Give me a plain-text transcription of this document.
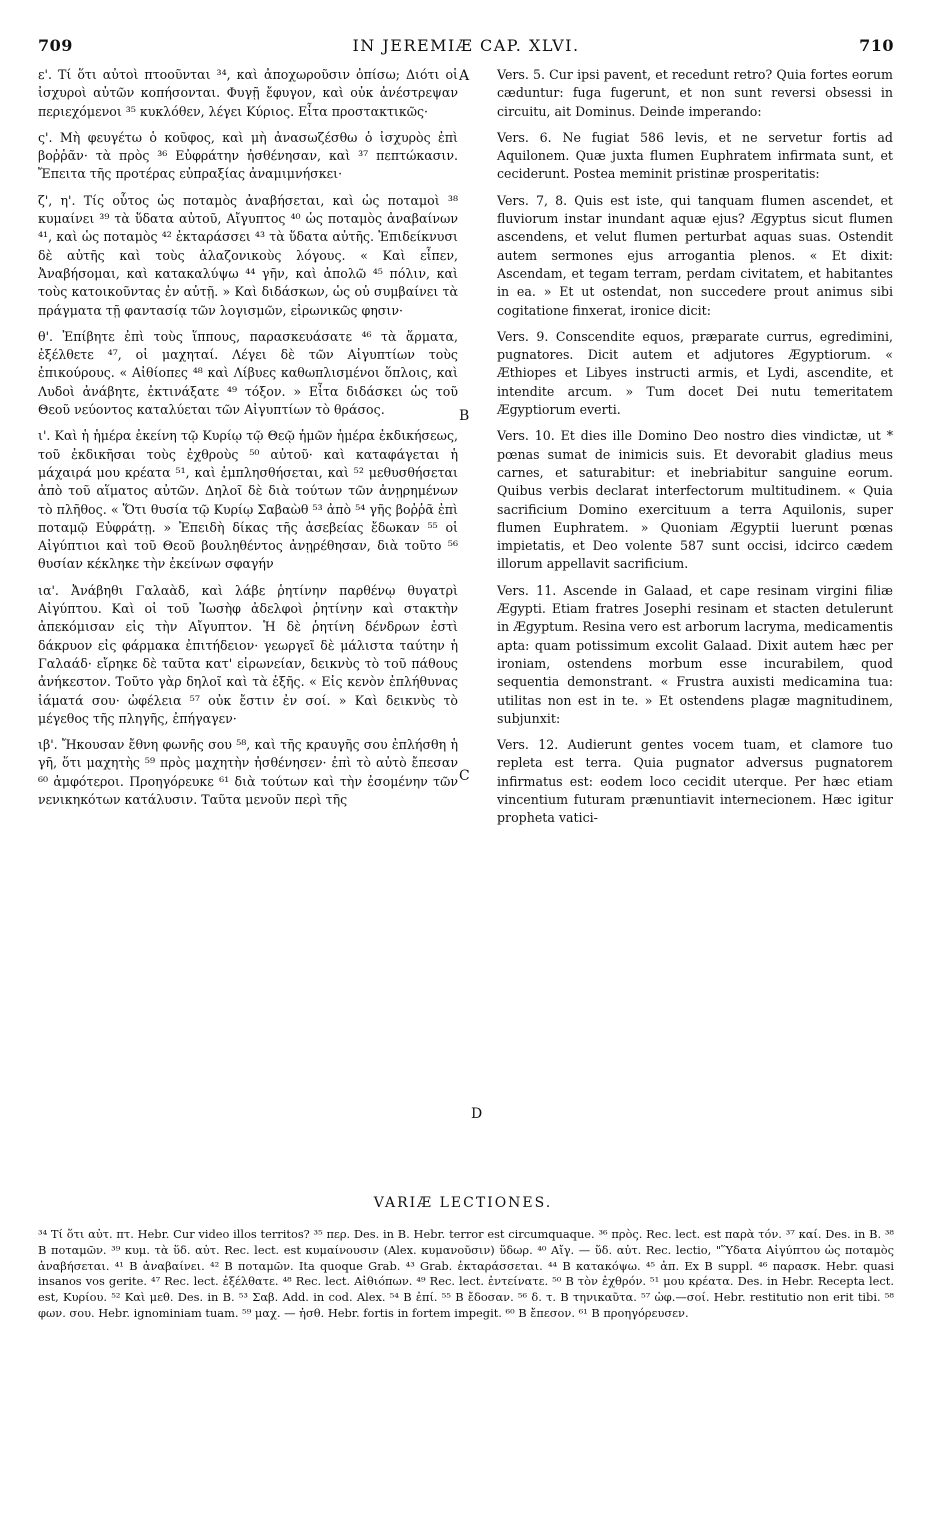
709	IN JEREMIÆ CAP. XLVI.	710

ε'. Τί ὅτι αὐτοὶ πτοοῦνται ³⁴, καὶ ἀποχωροῦσιν ὀπίσω; Διότι οἱ ἰσχυροὶ αὐτῶν κοπήσονται. Φυγῇ ἔφυγον, καὶ οὐκ ἀνέστρεψαν περιεχόμενοι ³⁵ κυκλόθεν, λέγει Κύριος. Εἶτα προστακτικῶς·

ς'. Μὴ φευγέτω ὁ κοῦφος, καὶ μὴ ἀνασωζέσθω ὁ ἰσχυρὸς ἐπὶ βοῤῥᾶν· τὰ πρὸς ³⁶ Εὐφράτην ἠσθένησαν, καὶ ³⁷ πεπτώκασιν. Ἔπειτα τῆς προτέρας εὐπραξίας ἀναμιμνήσκει·

ζ', η'. Τίς οὗτος ὡς ποταμὸς ἀναβήσεται, καὶ ὡς ποταμοὶ ³⁸ κυμαίνει ³⁹ τὰ ὕδατα αὐτοῦ, Αἴγυπτος ⁴⁰ ὡς ποταμὸς ἀναβαίνων ⁴¹, καὶ ὡς ποταμὸς ⁴² ἐκταράσσει ⁴³ τὰ ὕδατα αὐτῆς. Ἐπιδείκνυσι δὲ αὐτῆς καὶ τοὺς ἀλαζονικοὺς λόγους. « Καὶ εἶπεν, Ἀναβήσομαι, καὶ κατακαλύψω ⁴⁴ γῆν, καὶ ἀπολῶ ⁴⁵ πόλιν, καὶ τοὺς κατοικοῦντας ἐν αὐτῇ. » Καὶ διδάσκων, ὡς οὐ συμβαίνει τὰ πράγματα τῇ φαντασίᾳ τῶν λογισμῶν, εἰρωνικῶς φησιν·

θ'. Ἐπίβητε ἐπὶ τοὺς ἵππους, παρασκευάσατε ⁴⁶ τὰ ἅρματα, ἐξέλθετε ⁴⁷, οἱ μαχηταί. Λέγει δὲ τῶν Αἰγυπτίων τοὺς ἐπικούρους. « Αἰθίοπες ⁴⁸ καὶ Λίβυες καθωπλισμένοι ὅπλοις, καὶ Λυδοὶ ἀνάβητε, ἐκτινάξατε ⁴⁹ τόξον. » Εἶτα διδάσκει ὡς τοῦ Θεοῦ νεύοντος καταλύεται τῶν Αἰγυπτίων τὸ θράσος.

ι'. Καὶ ἡ ἡμέρα ἐκείνη τῷ Κυρίῳ τῷ Θεῷ ἡμῶν ἡμέρα ἐκδικήσεως, τοῦ ἐκδικῆσαι τοὺς ἐχθροὺς ⁵⁰ αὐτοῦ· καὶ καταφάγεται ἡ μάχαιρά μου κρέατα ⁵¹, καὶ ἐμπλησθήσεται, καὶ ⁵² μεθυσθήσεται ἀπὸ τοῦ αἵματος αὐτῶν. Δηλοῖ δὲ διὰ τούτων τῶν ἀνῃρημένων τὸ πλῆθος. « Ὅτι θυσία τῷ Κυρίῳ Σαβαὼθ ⁵³ ἀπὸ ⁵⁴ γῆς βοῤῥᾶ ἐπὶ ποταμῷ Εὐφράτῃ. » Ἐπειδὴ δίκας τῆς ἀσεβείας ἔδωκαν ⁵⁵ οἱ Αἰγύπτιοι καὶ τοῦ Θεοῦ βουληθέντος ἀνῃρέθησαν, διὰ τοῦτο ⁵⁶ θυσίαν κέκληκε τὴν ἐκείνων σφαγήν

ια'. Ἀνάβηθι Γαλαὰδ, καὶ λάβε ῥητίνην παρθένῳ θυγατρὶ Αἰγύπτου. Καὶ οἱ τοῦ Ἰωσὴφ ἀδελφοὶ ῥητίνην καὶ στακτὴν ἀπεκόμισαν εἰς τὴν Αἴγυπτον. Ἡ δὲ ῥητίνη δένδρων ἐστὶ δάκρυον εἰς φάρμακα ἐπιτήδειον· γεωργεῖ δὲ μάλιστα ταύτην ἡ Γαλαάδ· εἴρηκε δὲ ταῦτα κατ' εἰρωνείαν, δεικνὺς τὸ τοῦ πάθους ἀνήκεστον. Τοῦτο γὰρ δηλοῖ καὶ τὰ ἑξῆς. « Εἰς κενὸν ἐπλήθυνας ἰάματά σου· ὠφέλεια ⁵⁷ οὐκ ἔστιν ἐν σοί. » Καὶ δεικνὺς τὸ μέγεθος τῆς πληγῆς, ἐπήγαγεν·

ιβ'. Ἤκουσαν ἔθνη φωνῆς σου ⁵⁸, καὶ τῆς κραυγῆς σου ἐπλήσθη ἡ γῆ, ὅτι μαχητὴς ⁵⁹ πρὸς μαχητὴν ἠσθένησεν· ἐπὶ τὸ αὐτὸ ἔπεσαν ⁶⁰ ἀμφότεροι. Προηγόρευκε ⁶¹ διὰ τούτων καὶ τὴν ἐσομένην τῶν νενικηκότων κατάλυσιν. Ταῦτα μενοῦν περὶ τῆς

A
B
C
D

Vers. 5. Cur ipsi pavent, et recedunt retro? Quia fortes eorum cæduntur: fuga fugerunt, et non sunt reversi obsessi in circuitu, ait Dominus. Deinde imperando:

Vers. 6. Ne fugiat 586 levis, et ne servetur fortis ad Aquilonem. Quæ juxta flumen Euphratem infirmata sunt, et ceciderunt. Postea meminit pristinæ prosperitatis:

Vers. 7, 8. Quis est iste, qui tanquam flumen ascendet, et fluviorum instar inundant aquæ ejus? Ægyptus sicut flumen ascendens, et velut flumen perturbat aquas suas. Ostendit autem sermones ejus arrogantia plenos. « Et dixit: Ascendam, et tegam terram, perdam civitatem, et habitantes in ea. » Et ut ostendat, non succedere prout animus sibi cogitatione finxerat, ironice dicit:

Vers. 9. Conscendite equos, præparate currus, egredimini, pugnatores. Dicit autem et adjutores Ægyptiorum. « Æthiopes et Libyes instructi armis, et Lydi, ascendite, et intendite arcum. » Tum docet Dei nutu temeritatem Ægyptiorum everti.

Vers. 10. Et dies ille Domino Deo nostro dies vindictæ, ut * pœnas sumat de inimicis suis. Et devorabit gladius meus carnes, et saturabitur: et inebriabitur sanguine eorum. Quibus verbis declarat interfectorum multitudinem. « Quia sacrificium Domino exercituum a terra Aquilonis, super flumen Euphratem. » Quoniam Ægyptii luerunt pœnas impietatis, et Deo volente 587 sunt occisi, idcirco cædem illorum appellavit sacrificium.

Vers. 11. Ascende in Galaad, et cape resinam virgini filiæ Ægypti. Etiam fratres Josephi resinam et stacten detulerunt in Ægyptum. Resina vero est arborum lacryma, medicamentis apta: quam potissimum excolit Galaad. Dixit autem hæc per ironiam, ostendens morbum esse incurabilem, quod sequentia demonstrant. « Frustra auxisti medicamina tua: utilitas non est in te. » Et ostendens plagæ magnitudinem, subjunxit:

Vers. 12. Audierunt gentes vocem tuam, et clamore tuo repleta est terra. Quia pugnator adversus pugnatorem infirmatus est: eodem loco cecidit uterque. Per hæc etiam vincentium futuram prænuntiavit internecionem. Hæc igitur propheta vatici-

VARIÆ LECTIONES.

³⁴ Τί ὅτι αὐτ. πτ. Hebr. Cur video illos territos? ³⁵ περ. Des. in B. Hebr. terror est circumquaque. ³⁶ πρὸς. Rec. lect. est παρὰ τόν. ³⁷ καί. Des. in B. ³⁸ B ποταμῶν. ³⁹ κυμ. τὰ ὕδ. αὐτ. Rec. lect. est κυμαίνουσιν (Alex. κυμανοῦσιν) ὕδωρ. ⁴⁰ Αἴγ. — ὕδ. αὐτ. Rec. lectio, "Ὕδατα Αἰγύπτου ὡς ποταμὸς ἀναβήσεται. ⁴¹ B ἀναβαίνει. ⁴² B ποταμῶν. Ita quoque Grab. ⁴³ Grab. ἐκταράσσεται. ⁴⁴ B κατακόψω. ⁴⁵ ἀπ. Ex B suppl. ⁴⁶ παρασκ. Hebr. quasi insanos vos gerite. ⁴⁷ Rec. lect. ἐξέλθατε. ⁴⁸ Rec. lect. Αἰθιόπων. ⁴⁹ Rec. lect. ἐντείνατε. ⁵⁰ B τὸν ἐχθρόν. ⁵¹ μου κρέατα. Des. in Hebr. Recepta lect. est, Κυρίου. ⁵² Καὶ μεθ. Des. in B. ⁵³ Σαβ. Add. in cod. Alex. ⁵⁴ B ἐπί. ⁵⁵ B ἔδοσαν. ⁵⁶ δ. τ. B τηνικαῦτα. ⁵⁷ ὠφ.—σοί. Hebr. restitutio non erit tibi. ⁵⁸ φων. σου. Hebr. ignominiam tuam. ⁵⁹ μαχ. — ἠσθ. Hebr. fortis in fortem impegit. ⁶⁰ B ἔπεσον. ⁶¹ B προηγόρευσεν.
